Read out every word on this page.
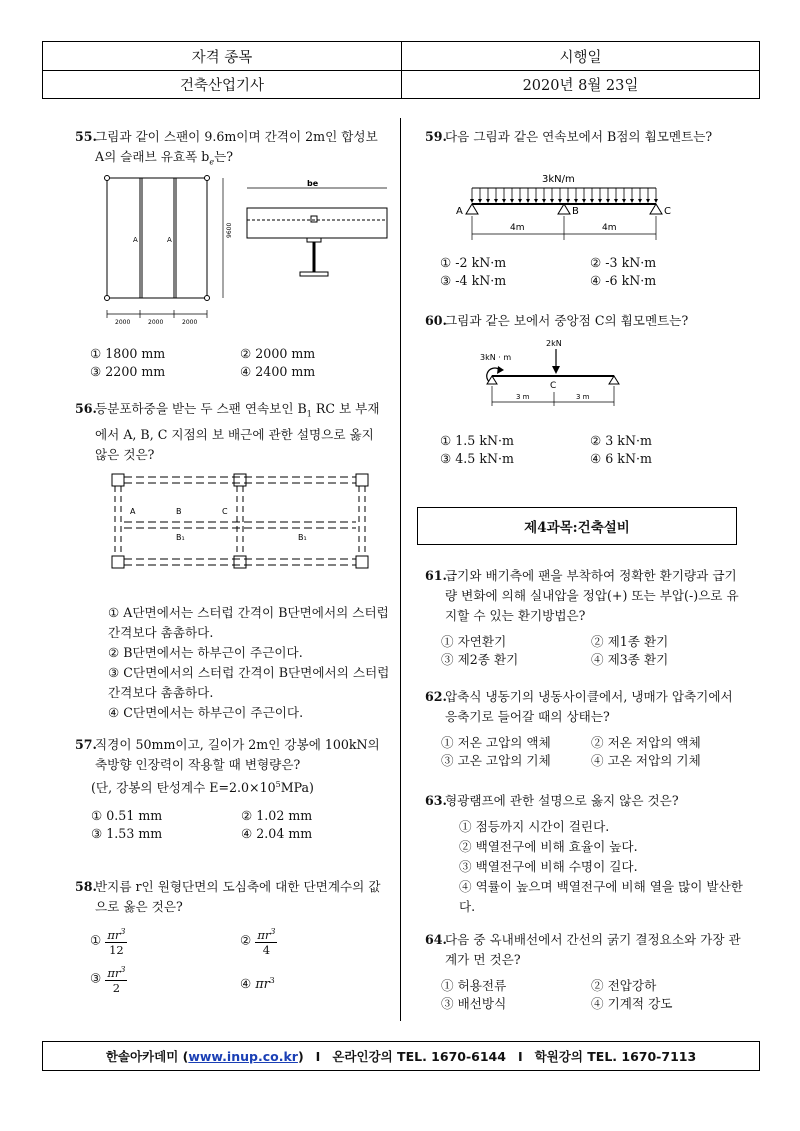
자격 종목	시행일
건축산업기사	2020년 8월 23일
55.
그림과 같이 스팬이 9.6m이며 간격이 2m인 합성보 A의 슬래브 유효폭 $b_e$는?
A	A
9600
2000	2000	2000
be
① 1800 mm	② 2000 mm
③ 2200 mm	④ 2400 mm
56.
등분포하중을 받는 두 스팬 연속보인 $B_1$ RC 보 부재에서 A, B, C 지점의 보 배근에 관한 설명으로 옳지 않은 것은?
A	B	C
B₁	B₁
① A단면에서는 스터럽 간격이 B단면에서의 스터럽 간격보다 촘촘하다.
② B단면에서는 하부근이 주근이다.
③ C단면에서의 스터럽 간격이 B단면에서의 스터럽 간격보다 촘촘하다.
④ C단면에서는 하부근이 주근이다.
57.
직경이 50mm이고, 길이가 2m인 강봉에 100kN의 축방향 인장력이 작용할 때 변형량은?
(단, 강봉의 탄성계수 $E=2.0\times 10^5MPa$)
① 0.51 mm	② 1.02 mm
③ 1.53 mm	④ 2.04 mm
58.
반지름 r인 원형단면의 도심축에 대한 단면계수의 값으로 옳은 것은?
① $\frac{\pi r^3}{12}$	② $\frac{\pi r^3}{4}$
③ $\frac{\pi r^3}{2}$	④ $\pi r^3$
59.
다음 그림과 같은 연속보에서 B점의 휨모멘트는?
3kN/m
A	B	C
4m	4m
① -2 kN·m	② -3 kN·m
③ -4 kN·m	④ -6 kN·m
60.
그림과 같은 보에서 중앙점 C의 휨모멘트는?
2kN
3kN · m
C
3 m	3 m
① 1.5 kN·m	② 3 kN·m
③ 4.5 kN·m	④ 6 kN·m
제4과목:건축설비
61.
급기와 배기측에 팬을 부착하여 정확한 환기량과 급기량 변화에 의해 실내압을 정압(+) 또는 부압(-)으로 유지할 수 있는 환기방법은?
① 자연환기	② 제1종 환기
③ 제2종 환기	④ 제3종 환기
62.
압축식 냉동기의 냉동사이클에서, 냉매가 압축기에서 응축기로 들어갈 때의 상태는?
① 저온 고압의 액체	② 저온 저압의 액체
③ 고온 고압의 기체	④ 고온 저압의 기체
63.
형광램프에 관한 설명으로 옳지 않은 것은?
① 점등까지 시간이 걸린다.
② 백열전구에 비해 효율이 높다.
③ 백열전구에 비해 수명이 길다.
④ 역률이 높으며 백열전구에 비해 열을 많이 발산한다.
64.
다음 중 옥내배선에서 간선의 굵기 결정요소와 가장 관계가 먼 것은?
① 허용전류	② 전압강하
③ 배선방식	④ 기계적 강도
한솔아카데미 ( www.inup.co.kr ) I 온라인강의 TEL. 1670-6144 I 학원강의 TEL. 1670-7113
